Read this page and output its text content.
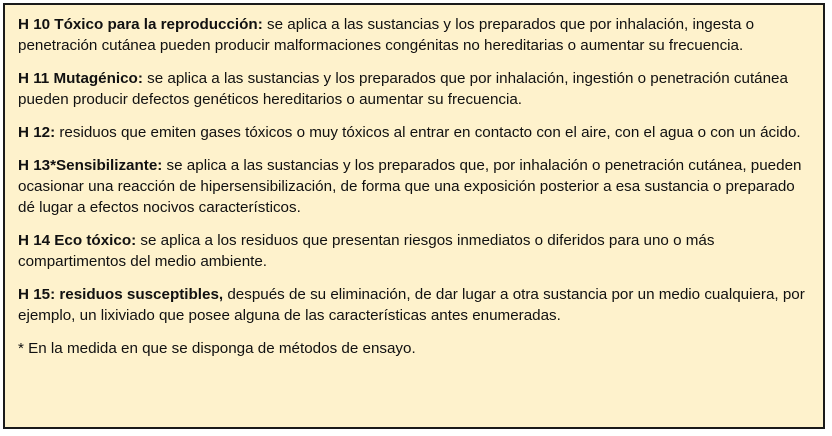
H 10 Tóxico para la reproducción: se aplica a las sustancias y los preparados que por inhalación, ingesta o penetración cutánea pueden producir malformaciones congénitas no hereditarias o aumentar su frecuencia.

H 11 Mutagénico: se aplica a las sustancias y los preparados que por inhalación, ingestión o penetración cutánea pueden producir defectos genéticos hereditarios o aumentar su frecuencia.

H 12: residuos que emiten gases tóxicos o muy tóxicos al entrar en contacto con el aire, con el agua o con un ácido.

H 13*Sensibilizante: se aplica a las sustancias y los preparados que, por inhalación o penetración cutánea, pueden ocasionar una reacción de hipersensibilización, de forma que una exposición posterior a esa sustancia o preparado dé lugar a efectos nocivos característicos.

H 14 Eco tóxico: se aplica a los residuos que presentan riesgos inmediatos o diferidos para uno o más compartimentos del medio ambiente.

H 15: residuos susceptibles, después de su eliminación, de dar lugar a otra sustancia por un medio cualquiera, por ejemplo, un lixiviado que posee alguna de las características antes enumeradas.

* En la medida en que se disponga de métodos de ensayo.
